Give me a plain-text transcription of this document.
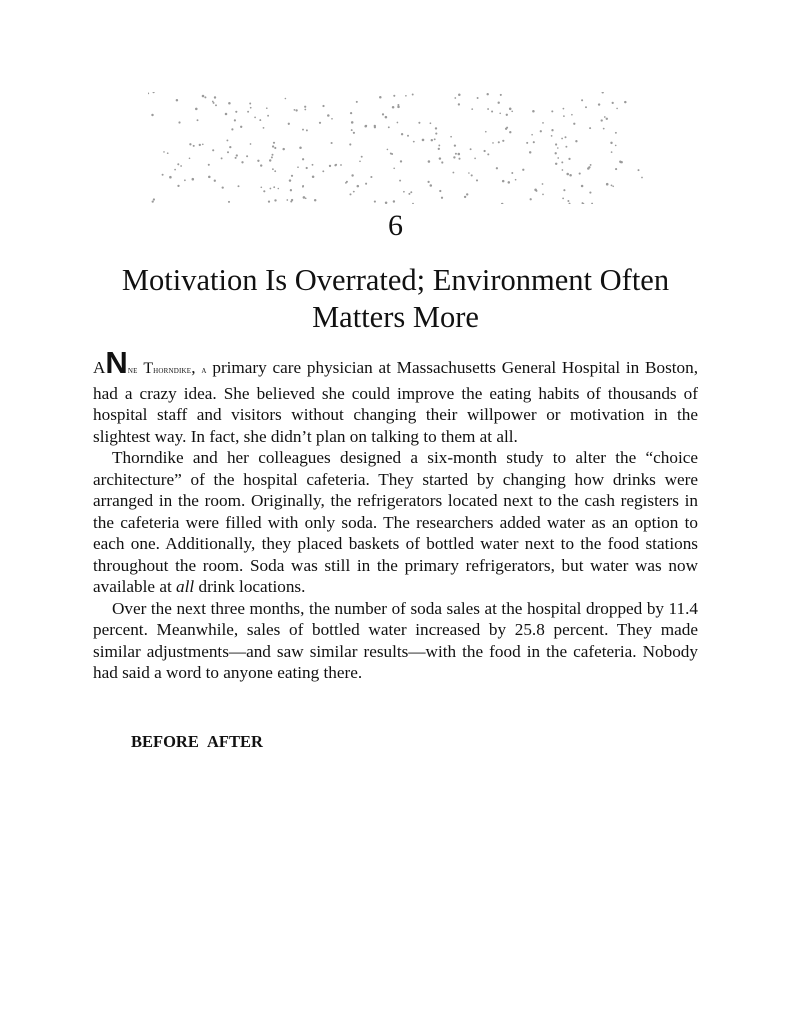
6
Motivation Is Overrated; Environment Often Matters More

ANNE THORNDIKE, A primary care physician at Massachusetts General Hospital in Boston, had a crazy idea. She believed she could improve the eating habits of thousands of hospital staff and visitors without changing their willpower or motivation in the slightest way. In fact, she didn’t plan on talking to them at all.

Thorndike and her colleagues designed a six-month study to alter the “choice architecture” of the hospital cafeteria. They started by changing how drinks were arranged in the room. Originally, the refrigerators located next to the cash registers in the cafeteria were filled with only soda. The researchers added water as an option to each one. Additionally, they placed baskets of bottled water next to the food stations throughout the room. Soda was still in the primary refrigerators, but water was now available at all drink locations.

Over the next three months, the number of soda sales at the hospital dropped by 11.4 percent. Meanwhile, sales of bottled water increased by 25.8 percent. They made similar adjustments—and saw similar results—with the food in the cafeteria. Nobody had said a word to anyone eating there.

BEFORE AFTER
